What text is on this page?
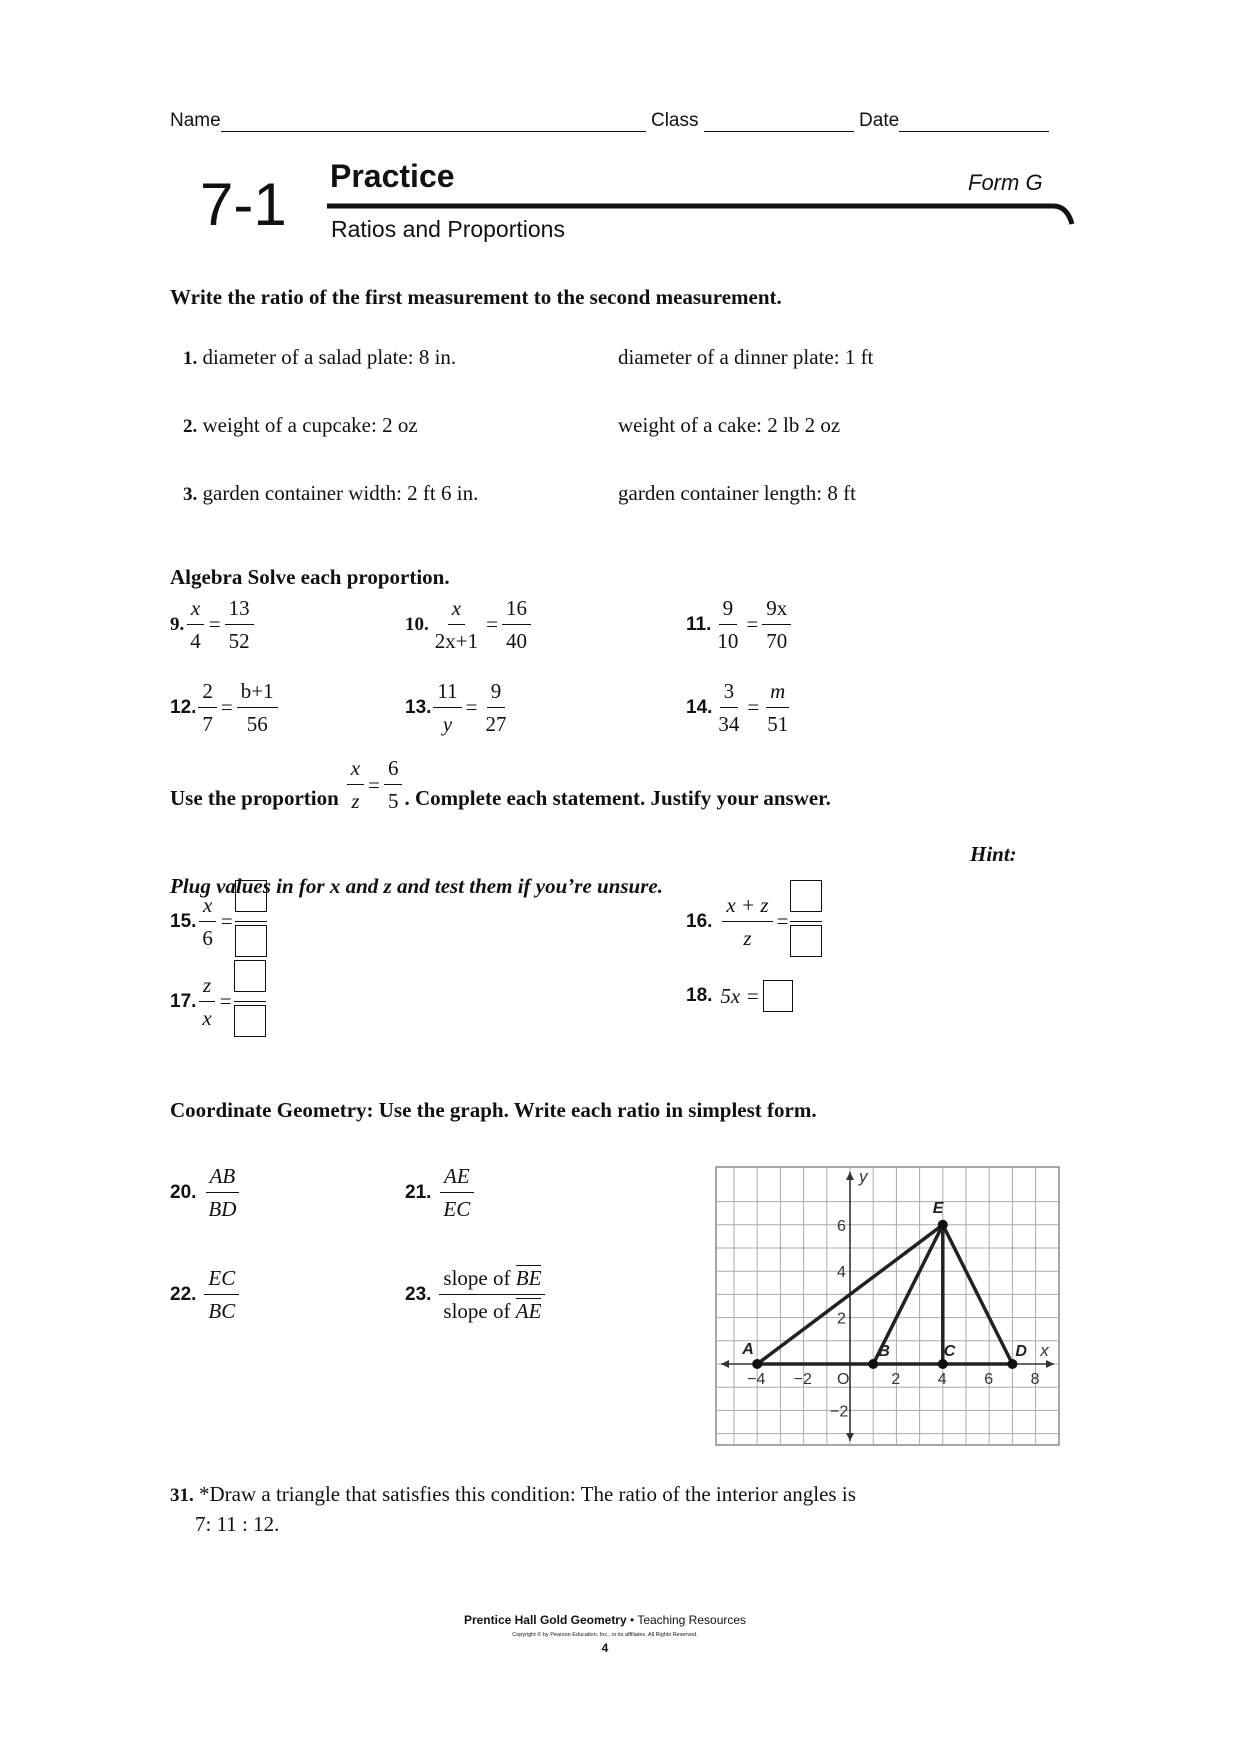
Name	Class	Date
7-1 Practice	Form G
Ratios and Proportions
Write the ratio of the first measurement to the second measurement.
1. diameter of a salad plate: 8 in.	diameter of a dinner plate: 1 ft
2. weight of a cupcake: 2 oz	weight of a cake: 2 lb 2 oz
3. garden container width: 2 ft 6 in.	garden container length: 8 ft
Algebra Solve each proportion.
9. $\frac{x}{4} = \frac{13}{52}$	10. $\frac{x}{2x+1} = \frac{16}{40}$	11. $\frac{9}{10} = \frac{9x}{70}$
12. $\frac{2}{7} = \frac{b+1}{56}$	13. $\frac{11}{y} = \frac{9}{27}$	14. $\frac{3}{34} = \frac{m}{51}$
Use the proportion $\frac{x}{z} = \frac{6}{5}$ . Complete each statement. Justify your answer.
Hint: Plug values in for x and z and test them if you’re unsure.
15. $\frac{x}{6}$ =	16. $\frac{x + z}{z}$ =
17. $\frac{z}{x}$ =	18. 5x =
Coordinate Geometry: Use the graph. Write each ratio in simplest form.
20. $\frac{AB}{BD}$	21. $\frac{AE}{EC}$
22. $\frac{EC}{BC}$	23. $\frac{\text{slope of BE}}{\text{slope of AE}}$
x
y
−4 −2 O	2 4 6 8
6
4
2
−2
A	B	C	D
E
31. *Draw a triangle that satisfies this condition: The ratio of the interior angles is
7: 11 : 12.
Prentice Hall Gold Geometry • Teaching Resources
Copyright © by Pearson Education, Inc., or its affiliates. All Rights Reserved.
4
